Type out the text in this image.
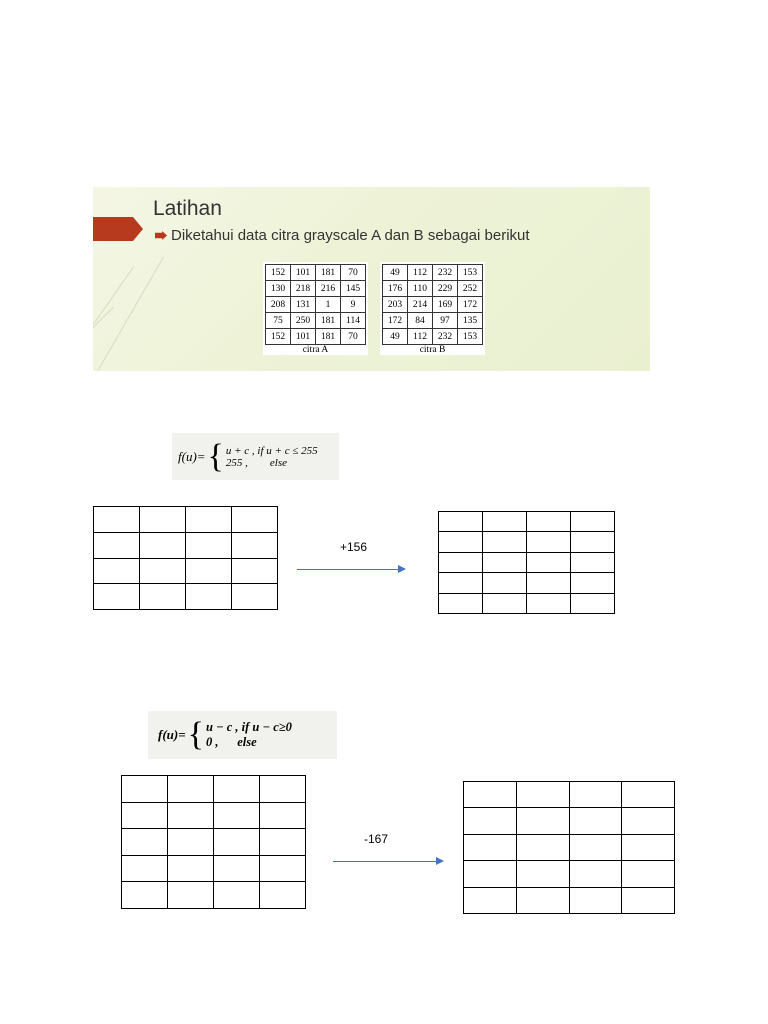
Latihan
Diketahui data citra grayscale A dan B sebagai berikut
152	101	181	70
130	218	216	145
208	131	1	9
75	250	181	114
152	101	181	70
citra A
49	112	232	153
176	110	229	252
203	214	169	172
172	84	97	135
49	112	232	153
citra B
f(u)= { u + c , if u + c ≤ 255
255 ,        else

+156

f(u)= { u − c , if u − c≥0
0 ,      else

-167
